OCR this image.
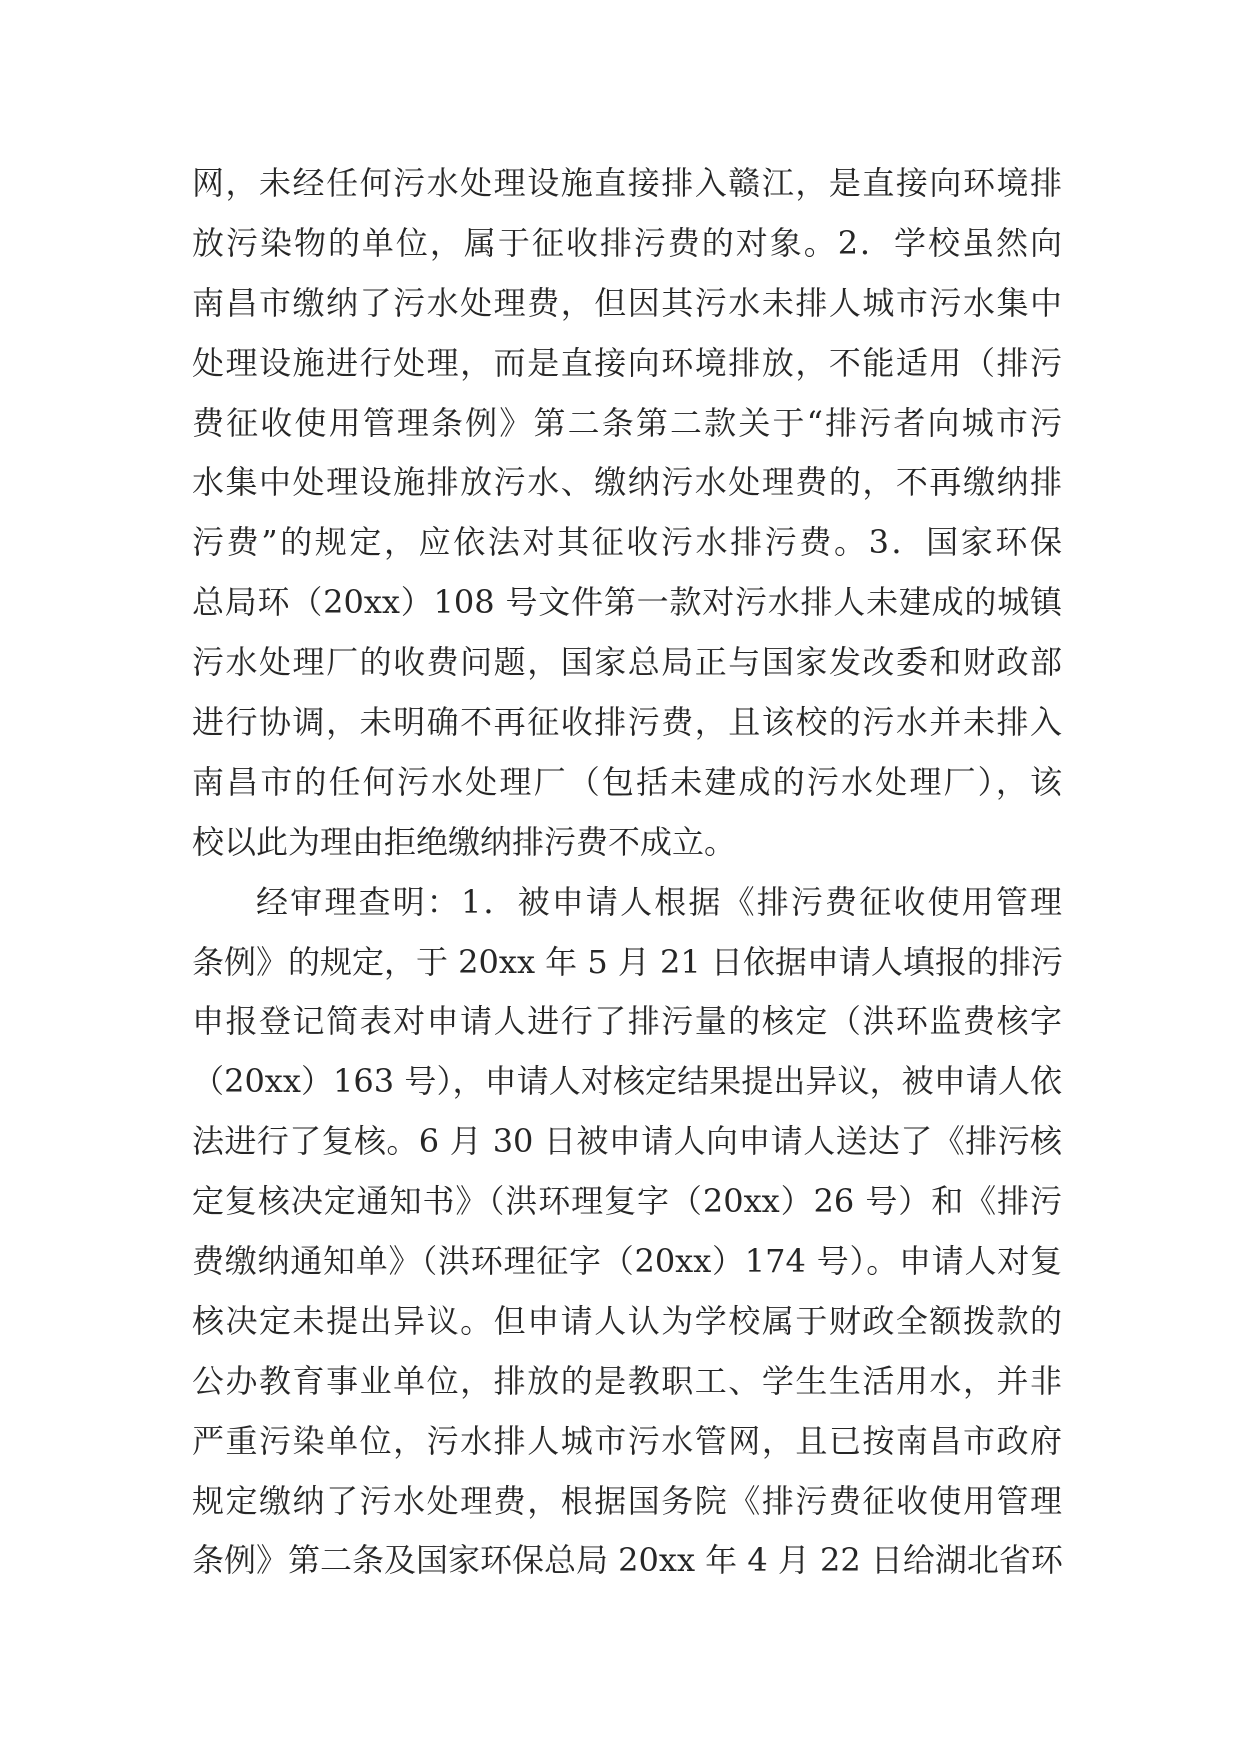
网，未经任何污水处理设施直接排入赣江，是直接向环境排
放污染物的单位，属于征收排污费的对象。2．学校虽然向
南昌市缴纳了污水处理费，但因其污水未排人城市污水集中
处理设施进行处理，而是直接向环境排放，不能适用（排污
费征收使用管理条例》第二条第二款关于“排污者向城市污
水集中处理设施排放污水、缴纳污水处理费的，不再缴纳排
污费”的规定，应依法对其征收污水排污费。3．国家环保
总局环（20xx）108 号文件第一款对污水排人未建成的城镇
污水处理厂的收费问题，国家总局正与国家发改委和财政部
进行协调，未明确不再征收排污费，且该校的污水并未排入
南昌市的任何污水处理厂（包括未建成的污水处理厂），该
校以此为理由拒绝缴纳排污费不成立。
经审理查明：1．被申请人根据《排污费征收使用管理
条例》的规定，于 20xx 年 5 月 21 日依据申请人填报的排污
申报登记简表对申请人进行了排污量的核定（洪环监费核字
（20xx）163 号），申请人对核定结果提出异议，被申请人依
法进行了复核。6 月 30 日被申请人向申请人送达了《排污核
定复核决定通知书》（洪环理复字（20xx）26 号）和《排污
费缴纳通知单》（洪环理征字（20xx）174 号）。申请人对复
核决定未提出异议。但申请人认为学校属于财政全额拨款的
公办教育事业单位，排放的是教职工、学生生活用水，并非
严重污染单位，污水排人城市污水管网，且已按南昌市政府
规定缴纳了污水处理费，根据国务院《排污费征收使用管理
条例》第二条及国家环保总局 20xx 年 4 月 22 日给湖北省环
